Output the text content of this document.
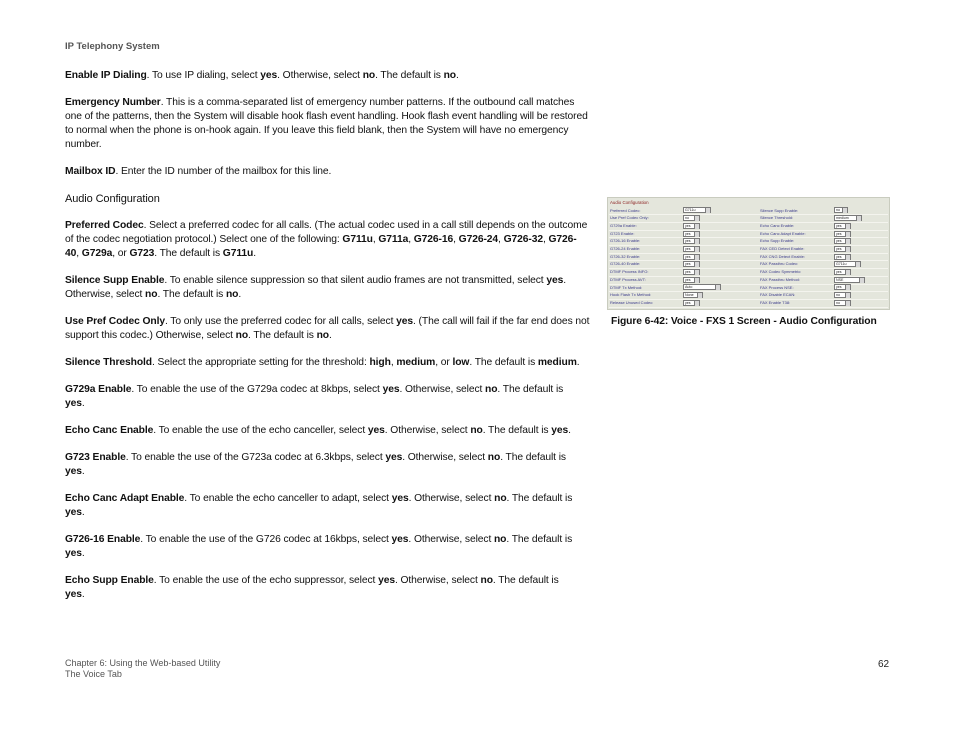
IP Telephony System

Enable IP Dialing. To use IP dialing, select yes. Otherwise, select no. The default is no.

Emergency Number. This is a comma-separated list of emergency number patterns. If the outbound call matches one of the patterns, then the System will disable hook flash event handling. Hook flash event handling will be restored to normal when the phone is on-hook again. If you leave this field blank, then the System will have no emergency number.

Mailbox ID. Enter the ID number of the mailbox for this line.

Audio Configuration

Preferred Codec. Select a preferred codec for all calls. (The actual codec used in a call still depends on the outcome of the codec negotiation protocol.) Select one of the following: G711u, G711a, G726-16, G726-24, G726-32, G726-40, G729a, or G723. The default is G711u.

Silence Supp Enable. To enable silence suppression so that silent audio frames are not transmitted, select yes. Otherwise, select no. The default is no.

Use Pref Codec Only. To only use the preferred codec for all calls, select yes. (The call will fail if the far end does not support this codec.) Otherwise, select no. The default is no.

Silence Threshold. Select the appropriate setting for the threshold: high, medium, or low. The default is medium.

G729a Enable. To enable the use of the G729a codec at 8kbps, select yes. Otherwise, select no. The default is
yes.

Echo Canc Enable. To enable the use of the echo canceller, select yes. Otherwise, select no. The default is yes.

G723 Enable. To enable the use of the G723a codec at 6.3kbps, select yes. Otherwise, select no. The default is
yes.

Echo Canc Adapt Enable. To enable the echo canceller to adapt, select yes. Otherwise, select no. The default is
yes.

G726-16 Enable. To enable the use of the G726 codec at 16kbps, select yes. Otherwise, select no. The default is
yes.

Echo Supp Enable. To enable the use of the echo suppressor, select yes. Otherwise, select no. The default is
yes.

Audio Configuration
Preferred Codec:	G711u
Use Pref Codec Only:	no
G729a Enable:	yes
G723 Enable:	yes
G726-16 Enable:	yes
G726-24 Enable:	yes
G726-32 Enable:	yes
G726-40 Enable:	yes
DTMF Process INFO:	yes
DTMF Process AVT:	yes
DTMF Tx Method:	Auto
Hook Flash Tx Method:	None
Release Unused Codec:	yes
Silence Supp Enable:	no
Silence Threshold:	medium
Echo Canc Enable:	yes
Echo Canc Adapt Enable:	yes
Echo Supp Enable:	yes
FAX CED Detect Enable:	yes
FAX CNG Detect Enable:	yes
FAX Passthru Codec:	G711u
FAX Codec Symmetric:	yes
FAX Passthru Method:	NSE
FAX Process NSE:	yes
FAX Disable ECAN:	no
FAX Enable T38:	no
Figure 6-42: Voice - FXS 1 Screen - Audio Configuration
Chapter 6: Using the Web-based Utility
The Voice Tab
62
